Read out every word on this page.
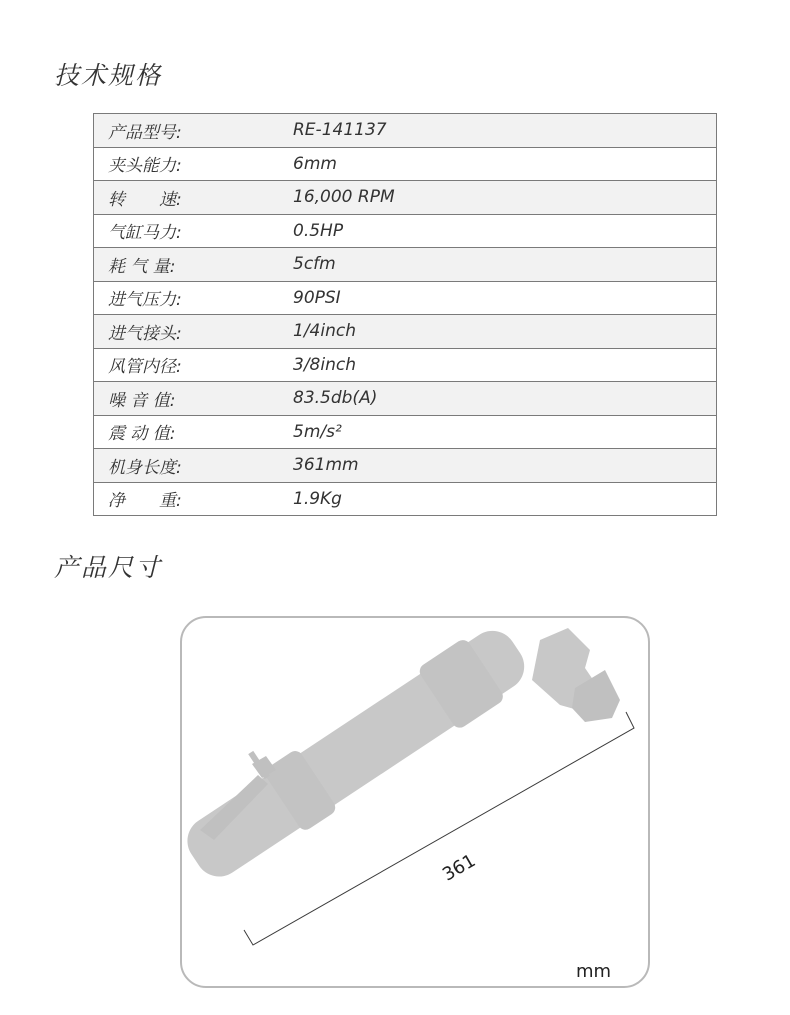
技术规格
产品型号:	RE-141137
夹头能力:	6mm
转　　速:	16,000 RPM
气缸马力:	0.5HP
耗 气 量:	5cfm
进气压力:	90PSI
进气接头:	1/4inch
风管内径:	3/8inch
噪 音 值:	83.5db(A)
震 动 值:	5m/s²
机身长度:	361mm
净　　重:	1.9Kg
产品尺寸
361
mm
